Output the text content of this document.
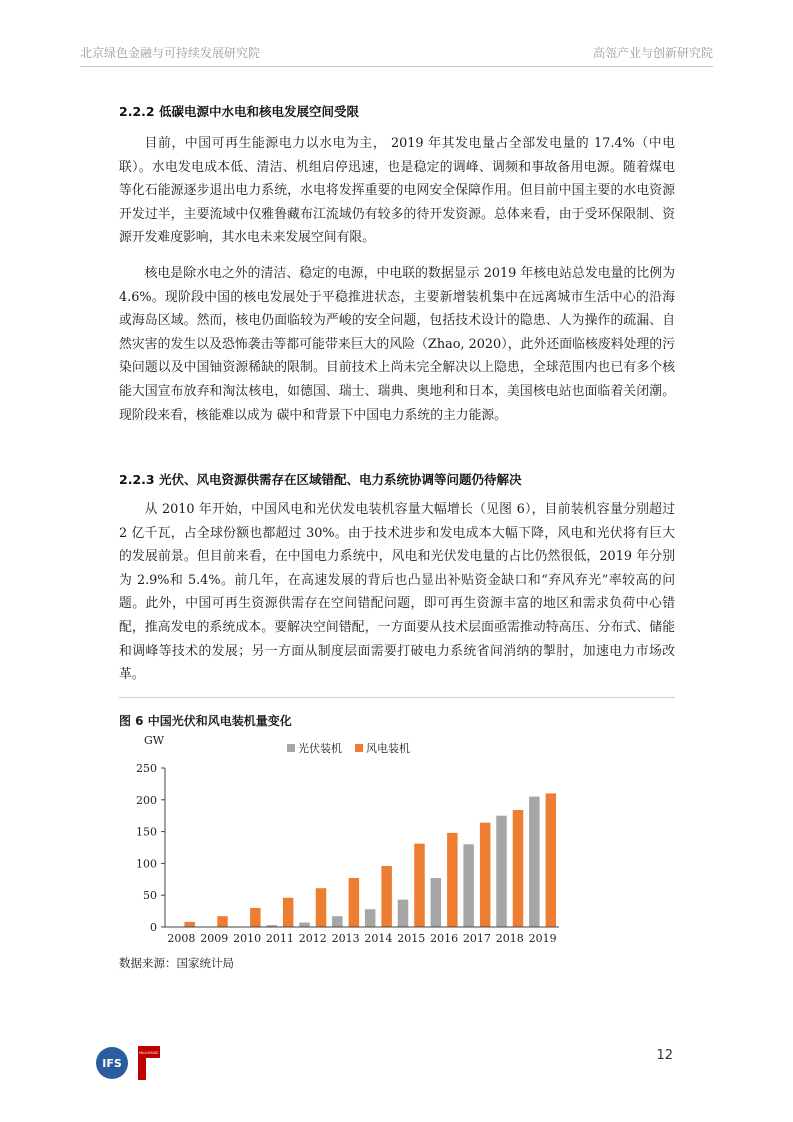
北京绿色金融与可持续发展研究院	高瓴产业与创新研究院
2.2.2 低碳电源中水电和核电发展空间受限

目前，中国可再生能源电力以水电为主， 2019 年其发电量占全部发电量的 17.4%（中电联）。水电发电成本低、清洁、机组启停迅速，也是稳定的调峰、调频和事故备用电源。随着煤电等化石能源逐步退出电力系统，水电将发挥重要的电网安全保障作用。但目前中国主要的水电资源开发过半，主要流域中仅雅鲁藏布江流域仍有较多的待开发资源。总体来看，由于受环保限制、资源开发难度影响，其水电未来发展空间有限。

核电是除水电之外的清洁、稳定的电源，中电联的数据显示 2019 年核电站总发电量的比例为 4.6%。现阶段中国的核电发展处于平稳推进状态，主要新增装机集中在远离城市生活中心的沿海或海岛区域。然而，核电仍面临较为严峻的安全问题，包括技术设计的隐患、人为操作的疏漏、自然灾害的发生以及恐怖袭击等都可能带来巨大的风险（Zhao, 2020），此外还面临核废料处理的污染问题以及中国铀资源稀缺的限制。目前技术上尚未完全解决以上隐患，全球范围内也已有多个核能大国宣布放弃和淘汰核电，如德国、瑞士、瑞典、奥地利和日本，美国核电站也面临着关闭潮。现阶段来看，核能难以成为 碳中和背景下中国电力系统的主力能源。

2.2.3 光伏、风电资源供需存在区域错配、电力系统协调等问题仍待解决

从 2010 年开始，中国风电和光伏发电装机容量大幅增长（见图 6），目前装机容量分别超过 2 亿千瓦，占全球份额也都超过 30%。由于技术进步和发电成本大幅下降，风电和光伏将有巨大的发展前景。但目前来看，在中国电力系统中，风电和光伏发电量的占比仍然很低，2019 年分别为 2.9%和 5.4%。前几年，在高速发展的背后也凸显出补贴资金缺口和“弃风弃光”率较高的问题。此外，中国可再生资源供需存在空间错配问题，即可再生资源丰富的地区和需求负荷中心错配，推高发电的系统成本。要解决空间错配，一方面要从技术层面亟需推动特高压、分布式、储能和调峰等技术的发展；另一方面从制度层面需要打破电力系统省间消纳的掣肘，加速电力市场改革。

图 6 中国光伏和风电装机量变化
GW
光伏装机 风电装机
0
50
100
150
200
250
2008 2009 2010 2011 2012 2013 2014 2015 2016 2017 2018 2019
数据来源：国家统计局
IFS
HILLHOUSE	12
